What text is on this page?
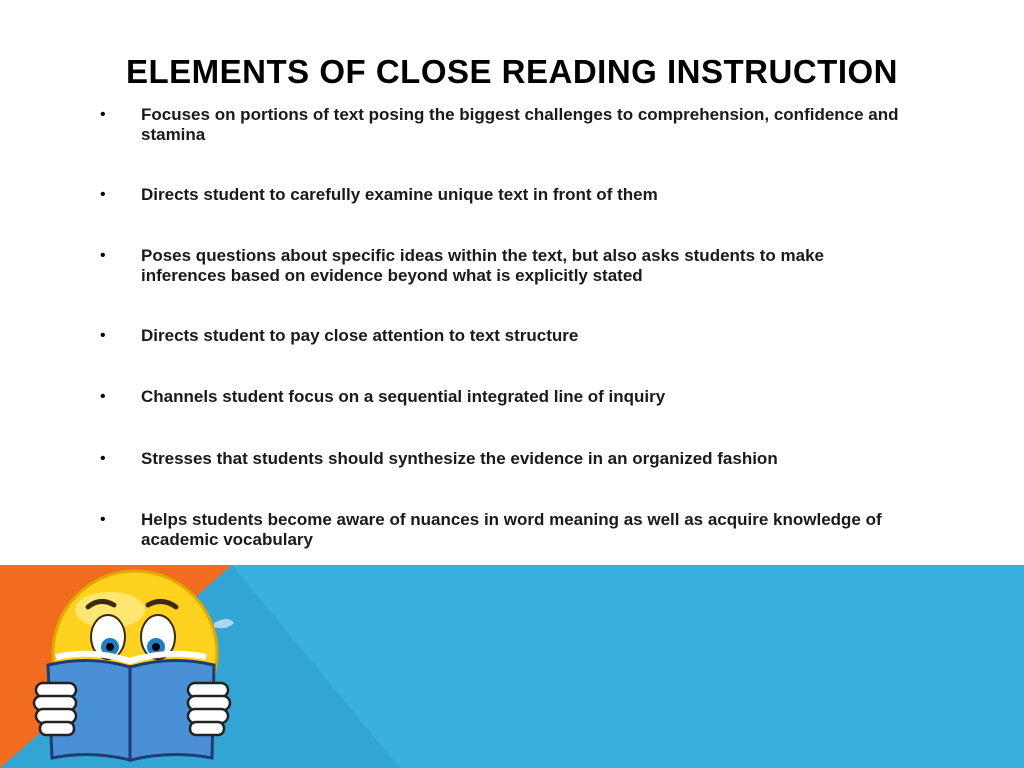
ELEMENTS OF CLOSE READING INSTRUCTION
• Focuses on portions of text posing the biggest challenges to comprehension, confidence and stamina
• Directs student to carefully examine unique text in front of them
• Poses questions about specific ideas within the text, but also asks students to make inferences based on evidence beyond what is explicitly stated
• Directs student to pay close attention to text structure
• Channels student focus on a sequential integrated line of inquiry
• Stresses that students should synthesize the evidence in an organized fashion
• Helps students become aware of nuances in word meaning as well as acquire knowledge of academic vocabulary
